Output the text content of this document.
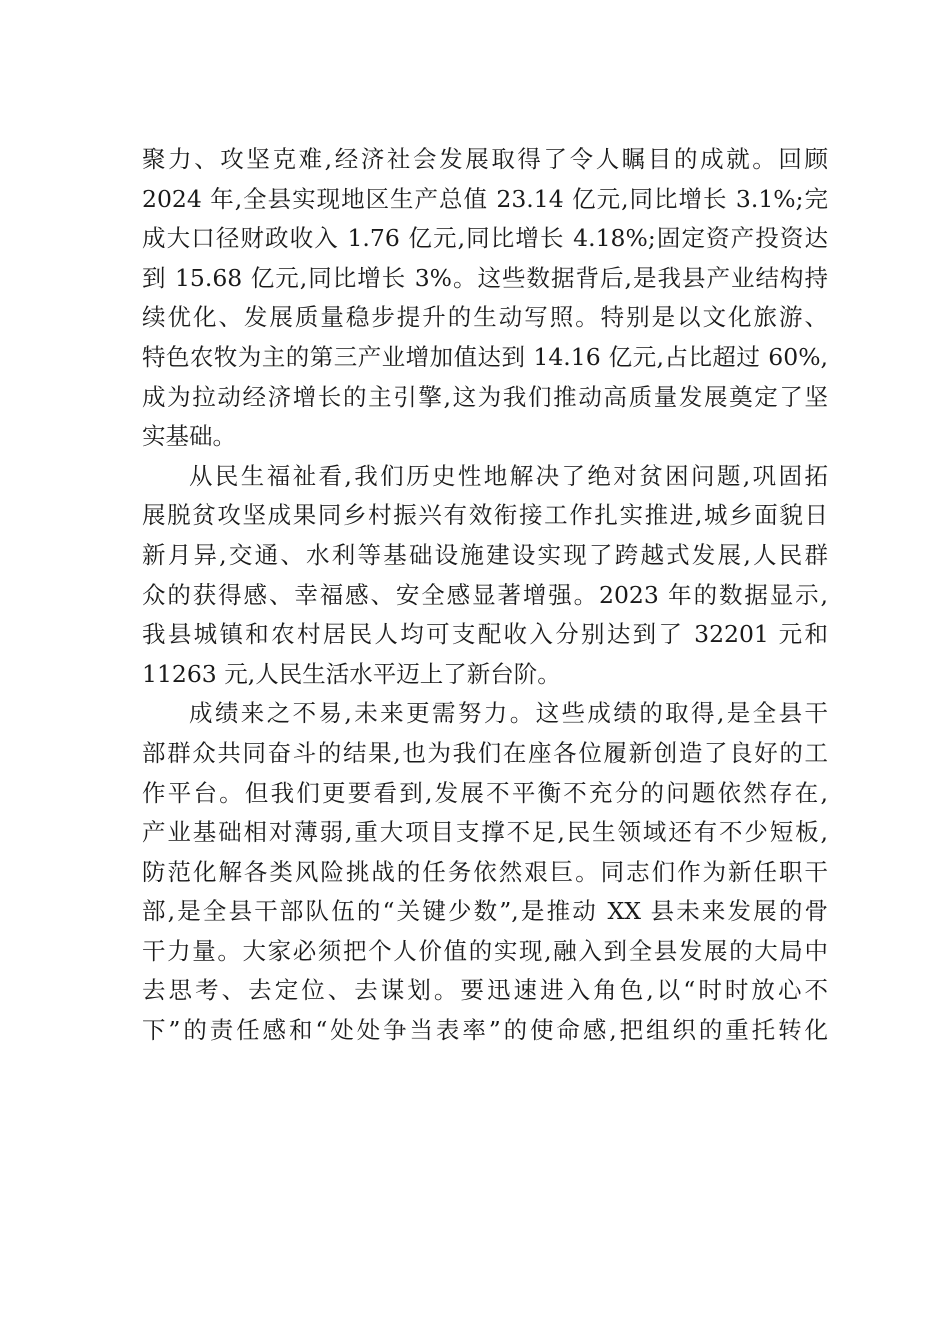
聚力、攻坚克难,经济社会发展取得了令人瞩目的成就。回顾
2024 年,全县实现地区生产总值 23.14 亿元,同比增长 3.1%;完
成大口径财政收入 1.76 亿元,同比增长 4.18%;固定资产投资达
到 15.68 亿元,同比增长 3%。这些数据背后,是我县产业结构持
续优化、发展质量稳步提升的生动写照。特别是以文化旅游、
特色农牧为主的第三产业增加值达到 14.16 亿元,占比超过 60%,
成为拉动经济增长的主引擎,这为我们推动高质量发展奠定了坚
实基础。
从民生福祉看,我们历史性地解决了绝对贫困问题,巩固拓
展脱贫攻坚成果同乡村振兴有效衔接工作扎实推进,城乡面貌日
新月异,交通、水利等基础设施建设实现了跨越式发展,人民群
众的获得感、幸福感、安全感显著增强。2023 年的数据显示,
我县城镇和农村居民人均可支配收入分别达到了 32201 元和
11263 元,人民生活水平迈上了新台阶。
成绩来之不易,未来更需努力。这些成绩的取得,是全县干
部群众共同奋斗的结果,也为我们在座各位履新创造了良好的工
作平台。但我们更要看到,发展不平衡不充分的问题依然存在,
产业基础相对薄弱,重大项目支撑不足,民生领域还有不少短板,
防范化解各类风险挑战的任务依然艰巨。同志们作为新任职干
部,是全县干部队伍的“关键少数”,是推动 XX 县未来发展的骨
干力量。大家必须把个人价值的实现,融入到全县发展的大局中
去思考、去定位、去谋划。要迅速进入角色,以“时时放心不
下”的责任感和“处处争当表率”的使命感,把组织的重托转化
